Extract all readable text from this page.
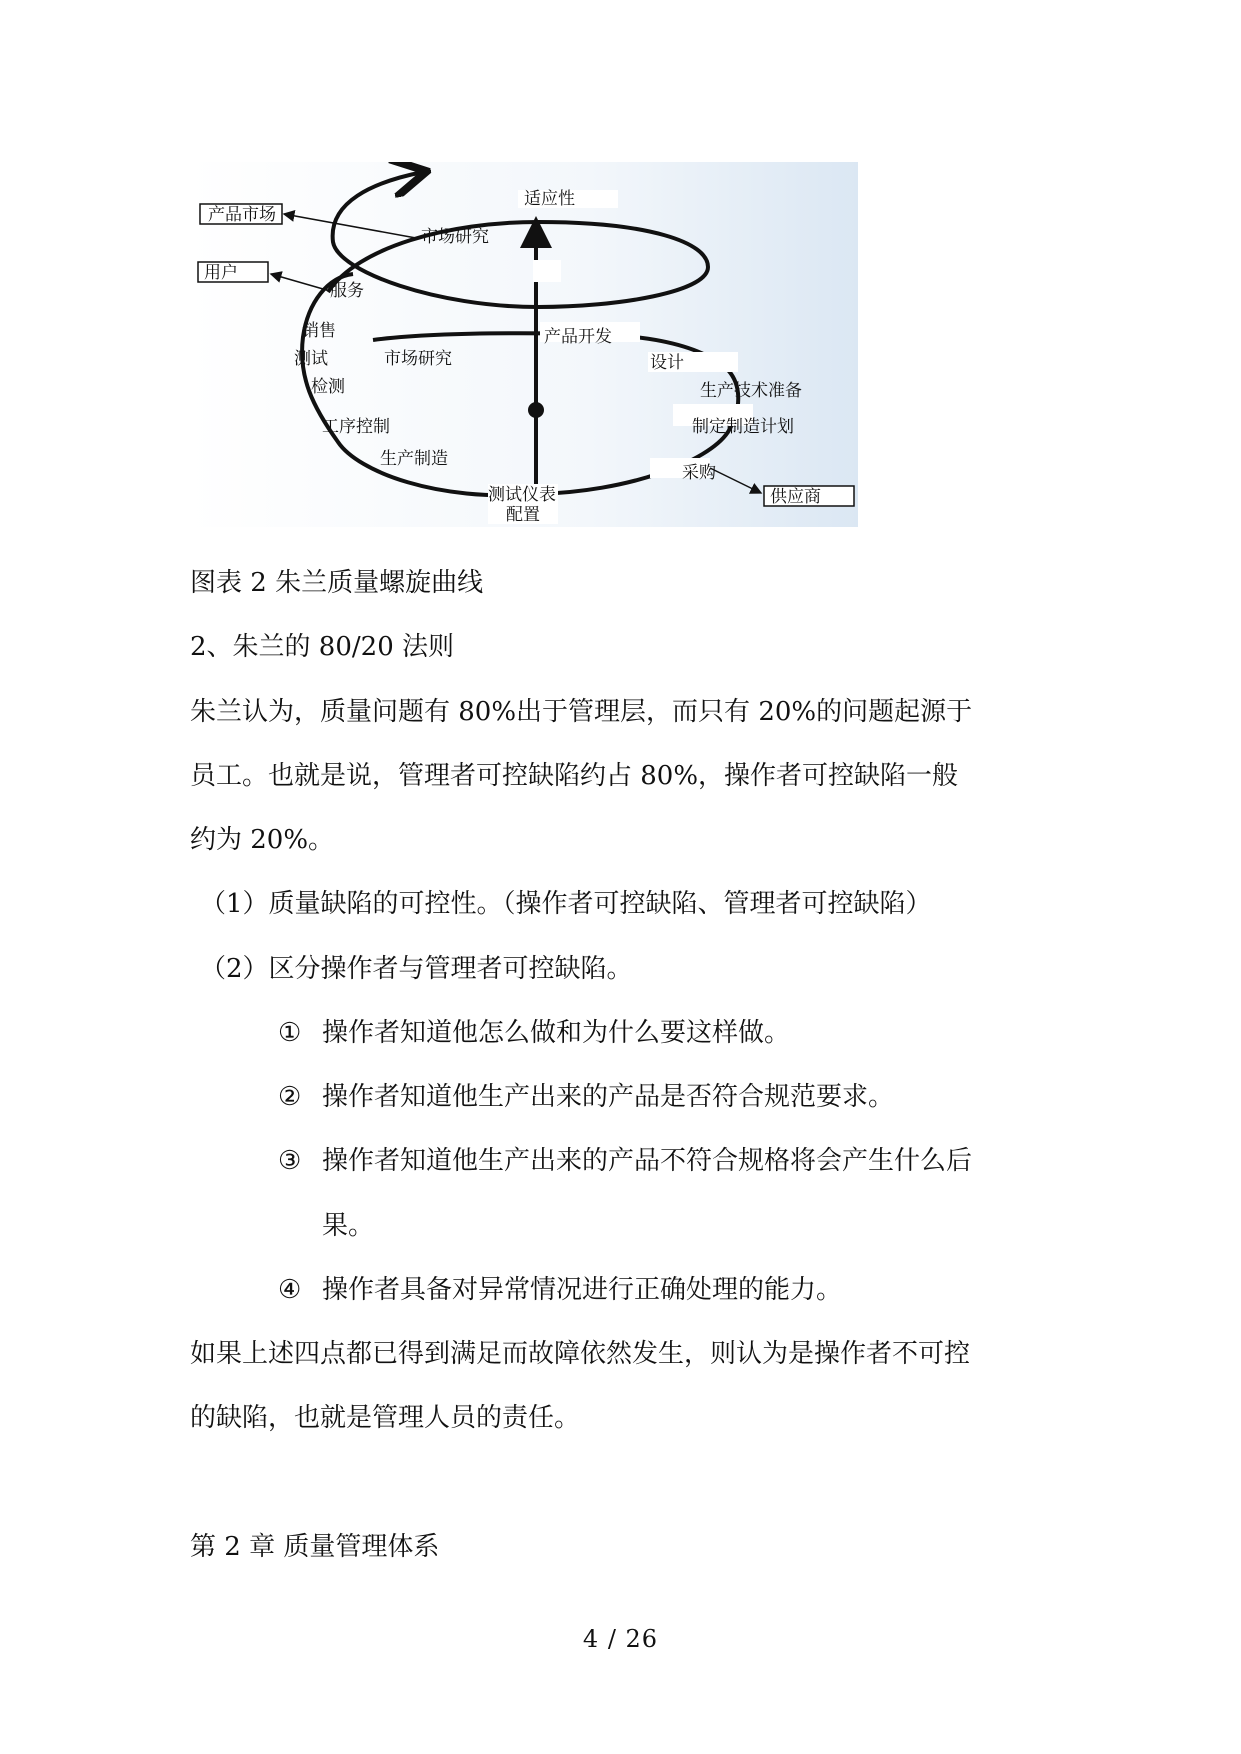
产品市场
用户
供应商
适应性
市场研究
服务
销售
测试
检测
工序控制
生产制造
测试仪表
配置
市场研究
产品开发
设计
生产技术准备
制定制造计划
采购
图表 2 朱兰质量螺旋曲线
2、朱兰的 80/20 法则
朱兰认为，质量问题有 80%出于管理层，而只有 20%的问题起源于
员工。也就是说，管理者可控缺陷约占 80%，操作者可控缺陷一般
约为 20%。
（1）质量缺陷的可控性。（操作者可控缺陷、管理者可控缺陷）
（2）区分操作者与管理者可控缺陷。
① 操作者知道他怎么做和为什么要这样做。
② 操作者知道他生产出来的产品是否符合规范要求。
③ 操作者知道他生产出来的产品不符合规格将会产生什么后
果。
④ 操作者具备对异常情况进行正确处理的能力。
如果上述四点都已得到满足而故障依然发生，则认为是操作者不可控
的缺陷，也就是管理人员的责任。
第 2 章 质量管理体系
4 / 26
